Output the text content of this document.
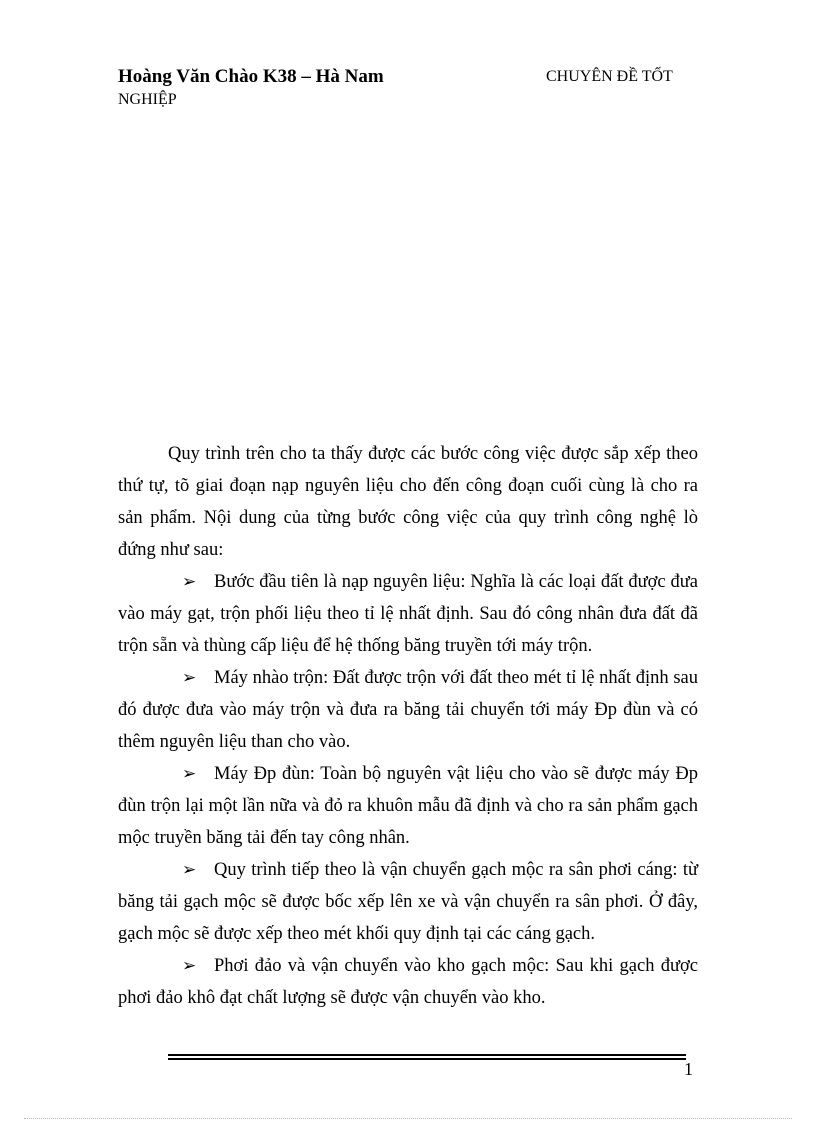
Hoàng Văn Chào K38 – Hà Nam	CHUYÊN ĐỀ TỐT
NGHIỆP

Quy trình trên cho ta thấy được các bước công việc được sắp xếp theo thứ tự, tõ giai đoạn nạp nguyên liệu cho đến công đoạn cuối cùng là cho ra sản phẩm. Nội dung của từng bước công việc của quy trình công nghệ lò đứng như sau:

➢ Bước đầu tiên là nạp nguyên liệu: Nghĩa là các loại đất được đưa vào máy gạt, trộn phối liệu theo tỉ lệ nhất định. Sau đó công nhân đưa đất đã trộn sẵn và thùng cấp liệu để hệ thống băng truyền tới máy trộn.

➢ Máy nhào trộn: Đất được trộn với đất theo mét tỉ lệ nhất định sau đó được đưa vào máy trộn và đưa ra băng tải chuyển tới máy Đp đùn và có thêm nguyên liệu than cho vào.

➢ Máy Đp đùn: Toàn bộ nguyên vật liệu cho vào sẽ được máy Đp đùn trộn lại một lần nữa và đỏ ra khuôn mẫu đã định và cho ra sản phẩm gạch mộc truyền băng tải đến tay công nhân.

➢ Quy trình tiếp theo là vận chuyển gạch mộc ra sân phơi cáng: từ băng tải gạch mộc sẽ được bốc xếp lên xe và vận chuyển ra sân phơi. Ở đây, gạch mộc sẽ được xếp theo mét khối quy định tại các cáng gạch.

➢ Phơi đảo và vận chuyển vào kho gạch mộc: Sau khi gạch được phơi đảo khô đạt chất lượng sẽ được vận chuyển vào kho.

1
